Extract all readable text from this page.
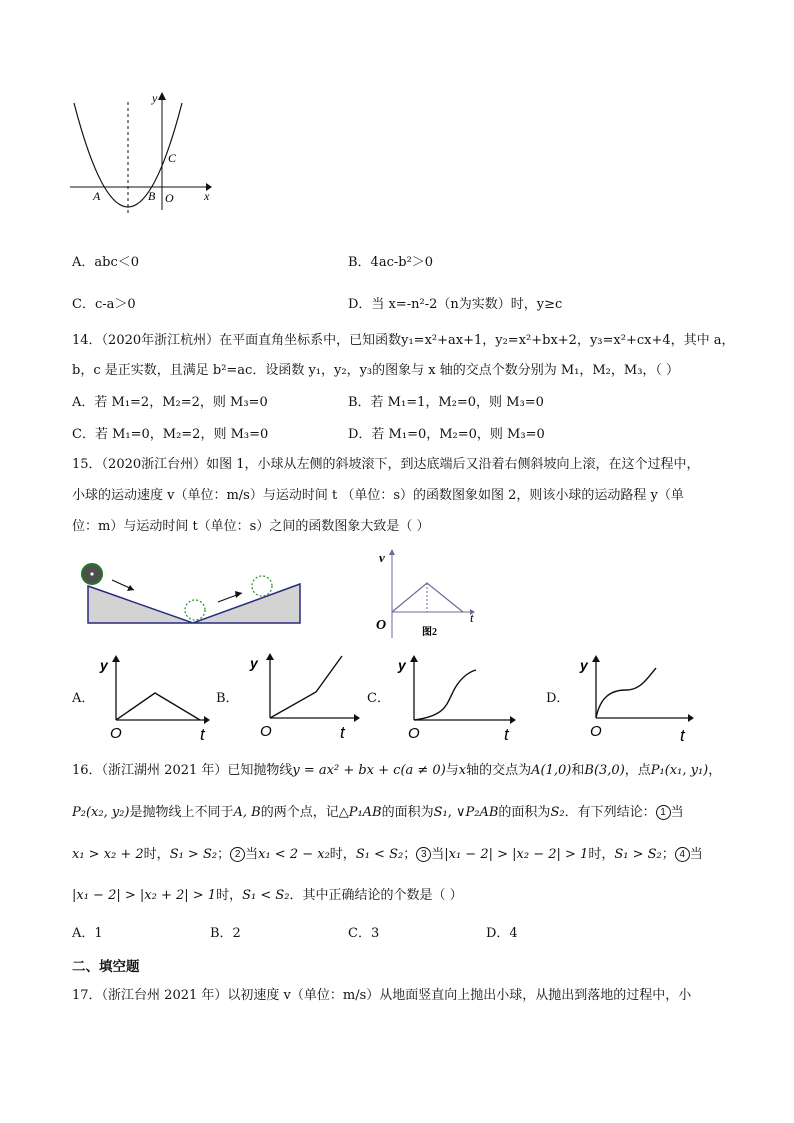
y
x
A	B
C
O
A．abc＜0	B．4ac-b²＞0
C．c-a＞0	D．当 x=-n²-2（n为实数）时，y≥c
14．（2020年浙江杭州）在平面直角坐标系中，已知函数y₁=x²+ax+1，y₂=x²+bx+2，y₃=x²+cx+4，其中 a，
b，c 是正实数，且满足 b²=ac．设函数 y₁，y₂，y₃的图象与 x 轴的交点个数分别为 M₁，M₂，M₃，（ ）
A．若 M₁=2，M₂=2，则 M₃=0	B．若 M₁=1，M₂=0，则 M₃=0
C．若 M₁=0，M₂=2，则 M₃=0	D．若 M₁=0，M₂=0，则 M₃=0
15．（2020浙江台州）如图 1，小球从左侧的斜坡滚下，到达底端后又沿着右侧斜坡向上滚，在这个过程中，
小球的运动速度 v（单位：m/s）与运动时间 t （单位：s）的函数图象如图 2，则该小球的运动路程 y（单
位：m）与运动时间 t（单位：s）之间的函数图象大致是（ ）
v
t
O	图2
A．
y
O	t
B．
y
O	t
C．
y
O	t
D．
y
O	t
16．（浙江湖州 2021 年）已知抛物线y = ax² + bx + c(a ≠ 0)与x轴的交点为A(1,0)和B(3,0)，点P₁(x₁, y₁)，
P₂(x₂, y₂)是抛物线上不同于A, B的两个点，记△P₁AB的面积为S₁, ∨P₂AB的面积为S₂．有下列结论： 1 当
x₁ > x₂ + 2时，S₁ > S₂； 2 当x₁ < 2 − x₂时，S₁ < S₂； 3 当|x₁ − 2| > |x₂ − 2| > 1时，S₁ > S₂； 4 当
|x₁ − 2| > |x₂ + 2| > 1时，S₁ < S₂．其中正确结论的个数是（ ）
A．1	B．2	C．3	D．4
二、填空题
17．（浙江台州 2021 年）以初速度 v（单位：m/s）从地面竖直向上抛出小球，从抛出到落地的过程中，小
